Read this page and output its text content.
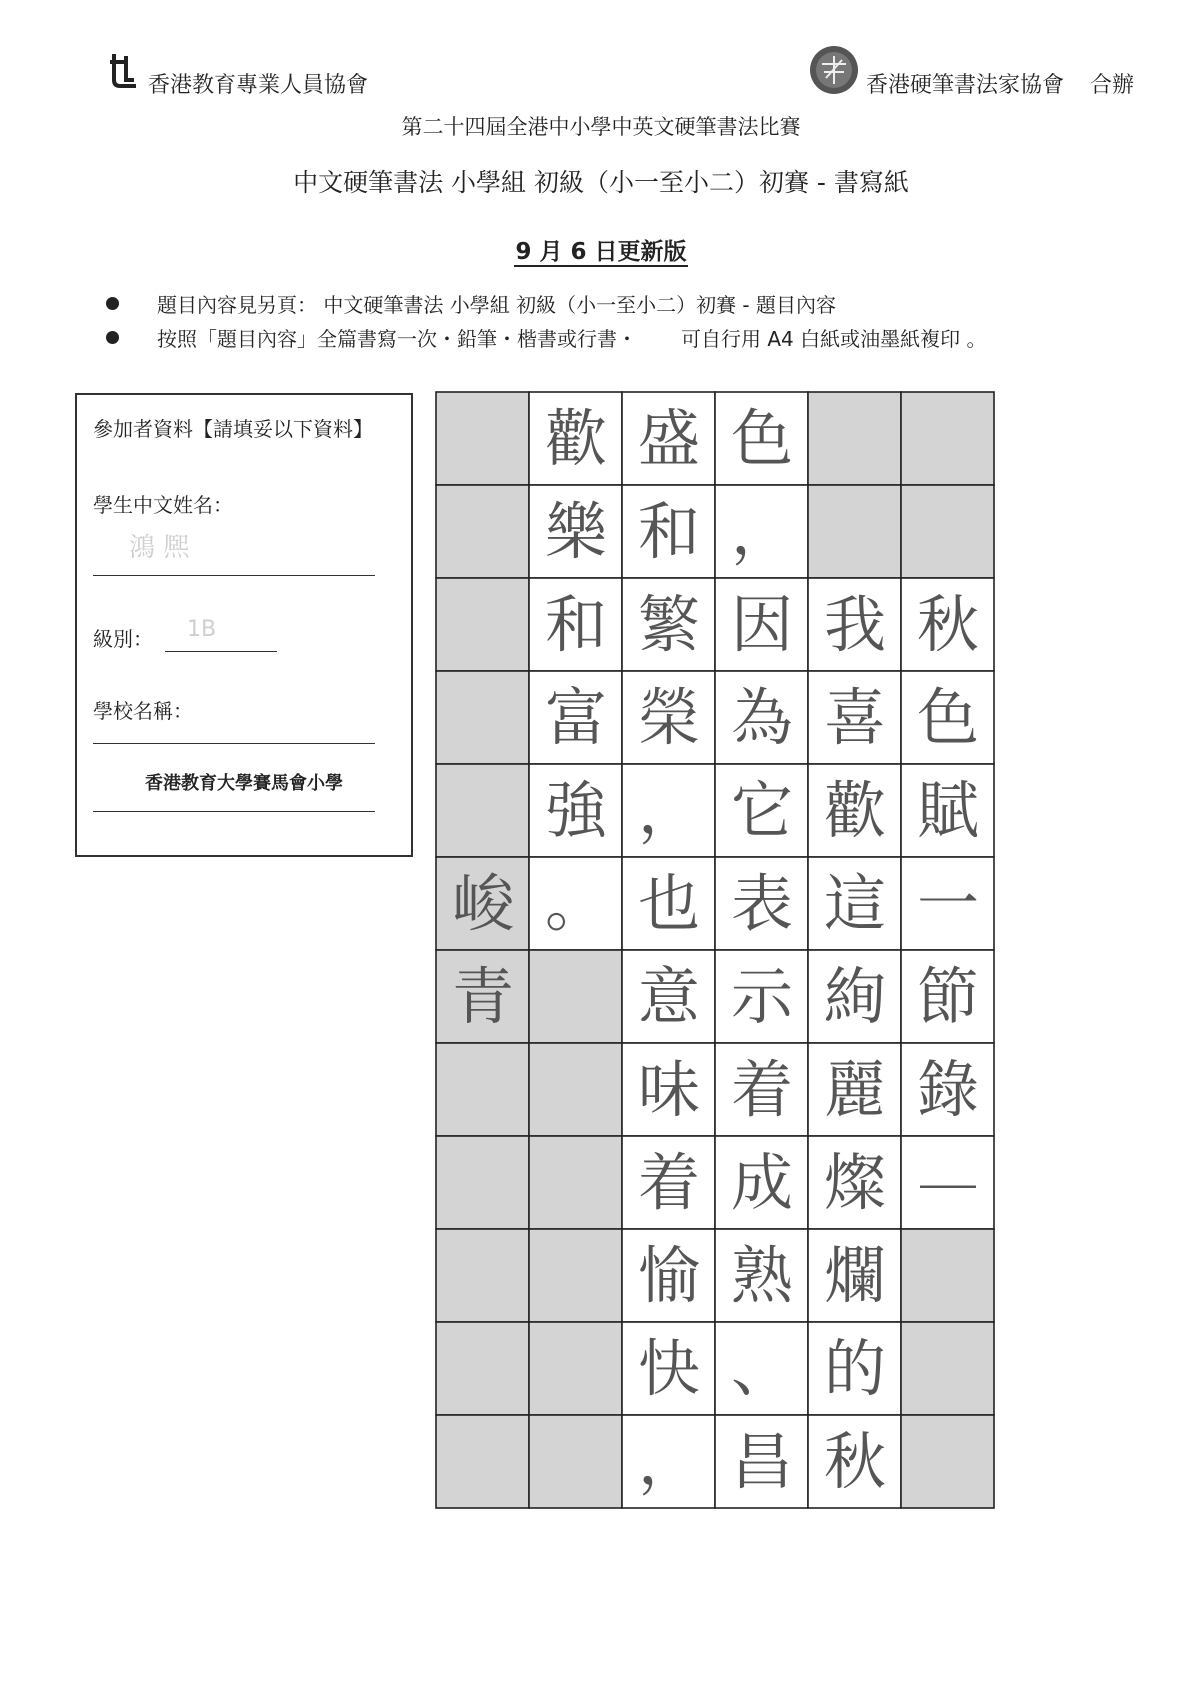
香港教育專業人員協會	香港硬筆書法家協會 合辦
第二十四屆全港中小學中英文硬筆書法比賽
中文硬筆書法 小學組 初級（小一至小二）初賽 - 書寫紙
9 月 6 日更新版
題目內容見另頁： 中文硬筆書法 小學組 初級（小一至小二）初賽 - 題目內容
按照「題目內容」全篇書寫一次・鉛筆・楷書或行書・ 可自行用 A4 白紙或油墨紙複印 。
參加者資料【請填妥以下資料】
學生中文姓名：
鴻 熈
級別： 1B
學校名稱：
香港教育大學賽馬會小學
歡 盛 色
樂 和 ，
和 繁 因 我 秋
富 榮 為 喜 色
強 ， 它 歡 賦
峻 。 也 表 這 一
青	意 示 絢 節
味 着 麗 錄
着 成 燦 —
愉 熟 爛
快 、 的
， 昌 秋
